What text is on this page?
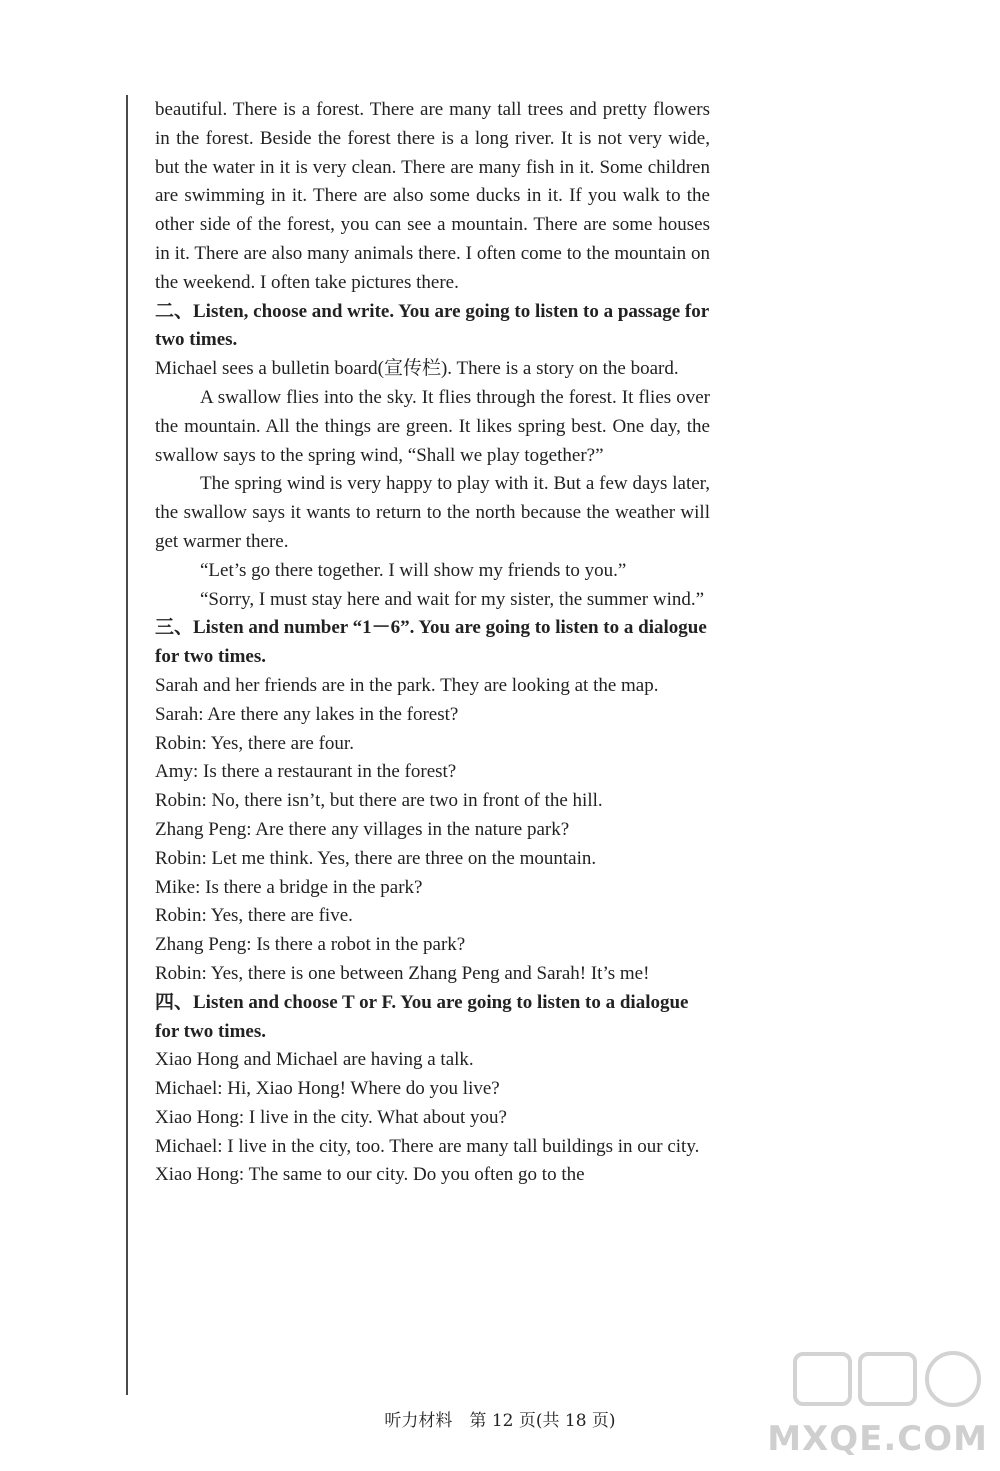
beautiful. There is a forest. There are many tall trees and pretty flowers in the forest. Beside the forest there is a long river. It is not very wide, but the water in it is very clean. There are many fish in it. Some children are swimming in it. There are also some ducks in it. If you walk to the other side of the forest, you can see a mountain. There are some houses in it. There are also many animals there. I often come to the mountain on the weekend. I often take pictures there.

二、Listen, choose and write. You are going to listen to a passage for two times.

Michael sees a bulletin board(宣传栏). There is a story on the board.

A swallow flies into the sky. It flies through the forest. It flies over the mountain. All the things are green. It likes spring best. One day, the swallow says to the spring wind, “Shall we play together?”

The spring wind is very happy to play with it. But a few days later, the swallow says it wants to return to the north because the weather will get warmer there.

“Let’s go there together. I will show my friends to you.”

“Sorry, I must stay here and wait for my sister, the summer wind.”

三、Listen and number “1－6”. You are going to listen to a dialogue for two times.

Sarah and her friends are in the park. They are looking at the map.

Sarah: Are there any lakes in the forest?

Robin: Yes, there are four.

Amy: Is there a restaurant in the forest?

Robin: No, there isn’t, but there are two in front of the hill.

Zhang Peng: Are there any villages in the nature park?

Robin: Let me think. Yes, there are three on the mountain.

Mike: Is there a bridge in the park?

Robin: Yes, there are five.

Zhang Peng: Is there a robot in the park?

Robin: Yes, there is one between Zhang Peng and Sarah! It’s me!

四、Listen and choose T or F. You are going to listen to a dialogue for two times.

Xiao Hong and Michael are having a talk.

Michael: Hi, Xiao Hong! Where do you live?

Xiao Hong: I live in the city. What about you?

Michael: I live in the city, too. There are many tall buildings in our city.

Xiao Hong: The same to our city. Do you often go to the

听力材料　第 12 页(共 18 页)	MXQE.COM
